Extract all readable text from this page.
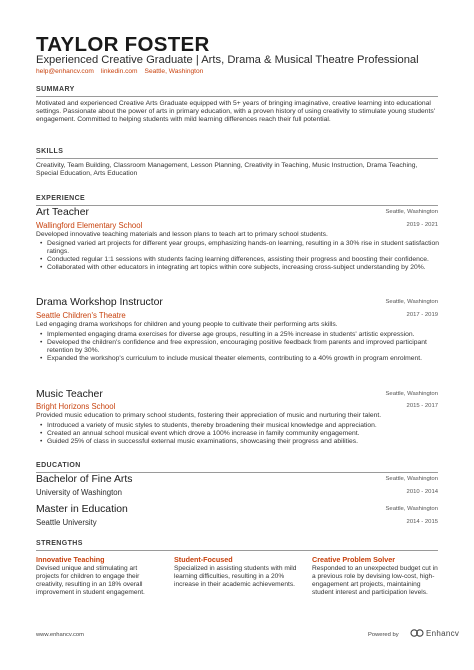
TAYLOR FOSTER
Experienced Creative Graduate | Arts, Drama & Musical Theatre Professional
help@enhancv.com linkedin.com Seattle, Washington
SUMMARY
Motivated and experienced Creative Arts Graduate equipped with 5+ years of bringing imaginative, creative learning into educational settings. Passionate about the power of arts in primary education, with a proven history of using creativity to stimulate young students' engagement. Committed to helping students with mild learning differences reach their full potential.
SKILLS
Creativity, Team Building, Classroom Management, Lesson Planning, Creativity in Teaching, Music Instruction, Drama Teaching, Special Education, Arts Education
EXPERIENCE
Art Teacher	Seattle, Washington
Wallingford Elementary School	2019 - 2021
Developed innovative teaching materials and lesson plans to teach art to primary school students.
• Designed varied art projects for different year groups, emphasizing hands-on learning, resulting in a 30% rise in student satisfaction ratings.
• Conducted regular 1:1 sessions with students facing learning differences, assisting their progress and boosting their confidence.
• Collaborated with other educators in integrating art topics within core subjects, increasing cross-subject understanding by 20%.
Drama Workshop Instructor	Seattle, Washington
Seattle Children's Theatre	2017 - 2019
Led engaging drama workshops for children and young people to cultivate their performing arts skills.
• Implemented engaging drama exercises for diverse age groups, resulting in a 25% increase in students' artistic expression.
• Developed the children's confidence and free expression, encouraging positive feedback from parents and improved participant retention by 30%.
• Expanded the workshop's curriculum to include musical theater elements, contributing to a 40% growth in program enrolment.
Music Teacher	Seattle, Washington
Bright Horizons School	2015 - 2017
Provided music education to primary school students, fostering their appreciation of music and nurturing their talent.
• Introduced a variety of music styles to students, thereby broadening their musical knowledge and appreciation.
• Created an annual school musical event which drove a 100% increase in family community engagement.
• Guided 25% of class in successful external music examinations, showcasing their progress and abilities.
EDUCATION
Bachelor of Fine Arts	Seattle, Washington
University of Washington	2010 - 2014
Master in Education	Seattle, Washington
Seattle University	2014 - 2015
STRENGTHS
Innovative Teaching
Devised unique and stimulating art projects for children to engage their creativity, resulting in an 18% overall improvement in student engagement.
Student-Focused
Specialized in assisting students with mild learning difficulties, resulting in a 20% increase in their academic achievements.
Creative Problem Solver
Responded to an unexpected budget cut in a previous role by devising low-cost, high-engagement art projects, maintaining student interest and participation levels.
www.enhancv.com	Powered by	Enhancv
